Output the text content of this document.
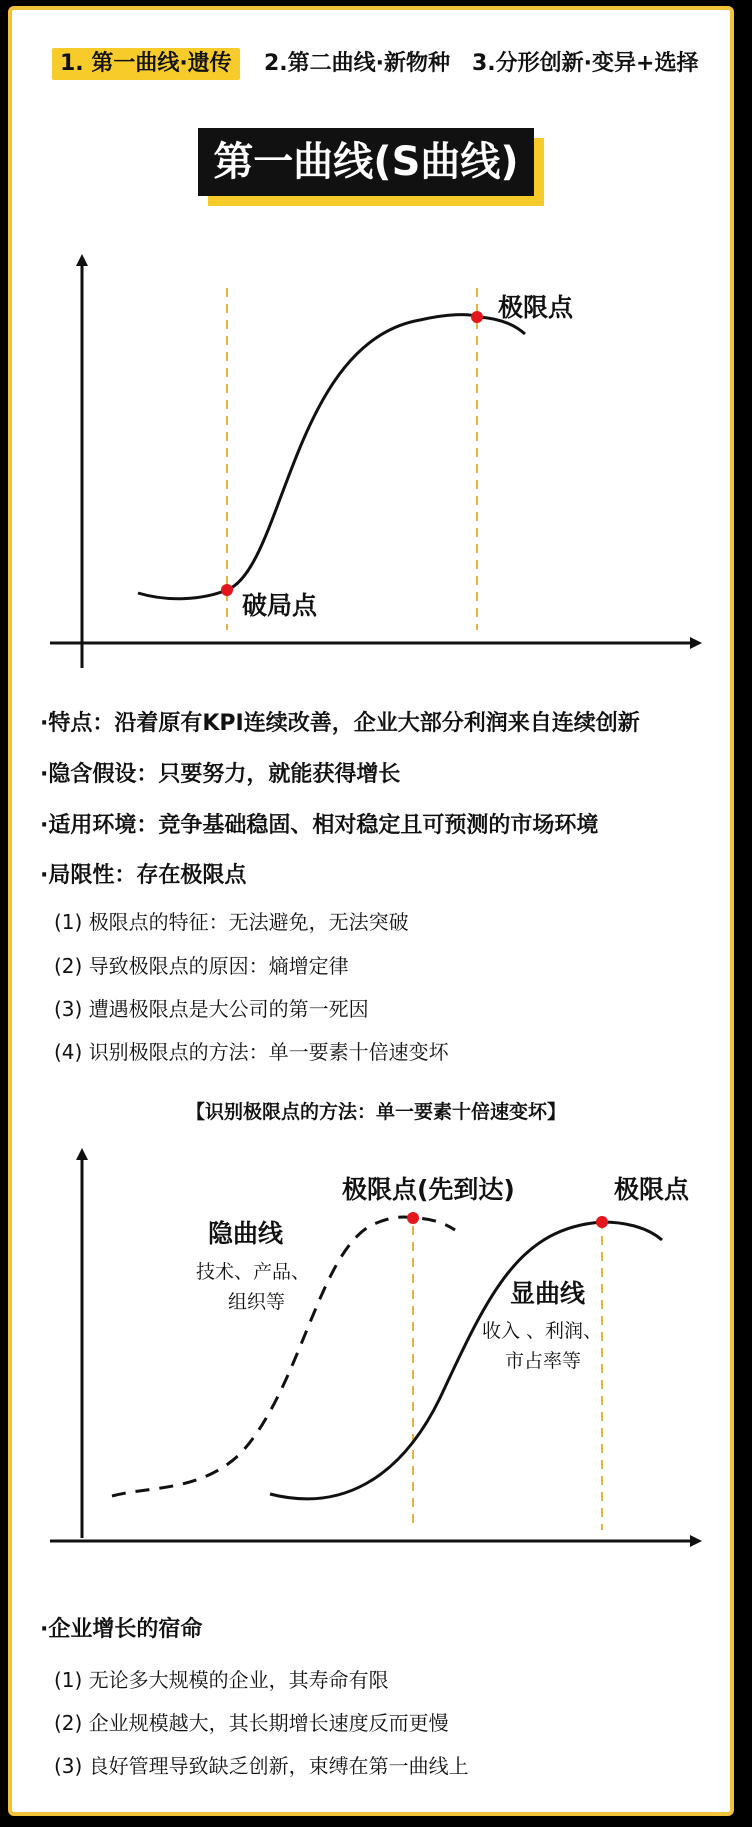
1. 第一曲线·遗传	2.第二曲线·新物种 3.分形创新·变异+选择
第一曲线(S曲线)
极限点
破局点
·特点：沿着原有KPI连续改善，企业大部分利润来自连续创新
·隐含假设：只要努力，就能获得增长
·适用环境：竞争基础稳固、相对稳定且可预测的市场环境
·局限性：存在极限点
(1) 极限点的特征：无法避免，无法突破
(2) 导致极限点的原因：熵增定律
(3) 遭遇极限点是大公司的第一死因
(4) 识别极限点的方法：单一要素十倍速变坏
【识别极限点的方法：单一要素十倍速变坏】
极限点(先到达)	极限点
隐曲线
技术、产品、
组织等	显曲线
收入 、利润、
市占率等
·企业增长的宿命
(1) 无论多大规模的企业，其寿命有限
(2) 企业规模越大，其长期增长速度反而更慢
(3) 良好管理导致缺乏创新，束缚在第一曲线上
